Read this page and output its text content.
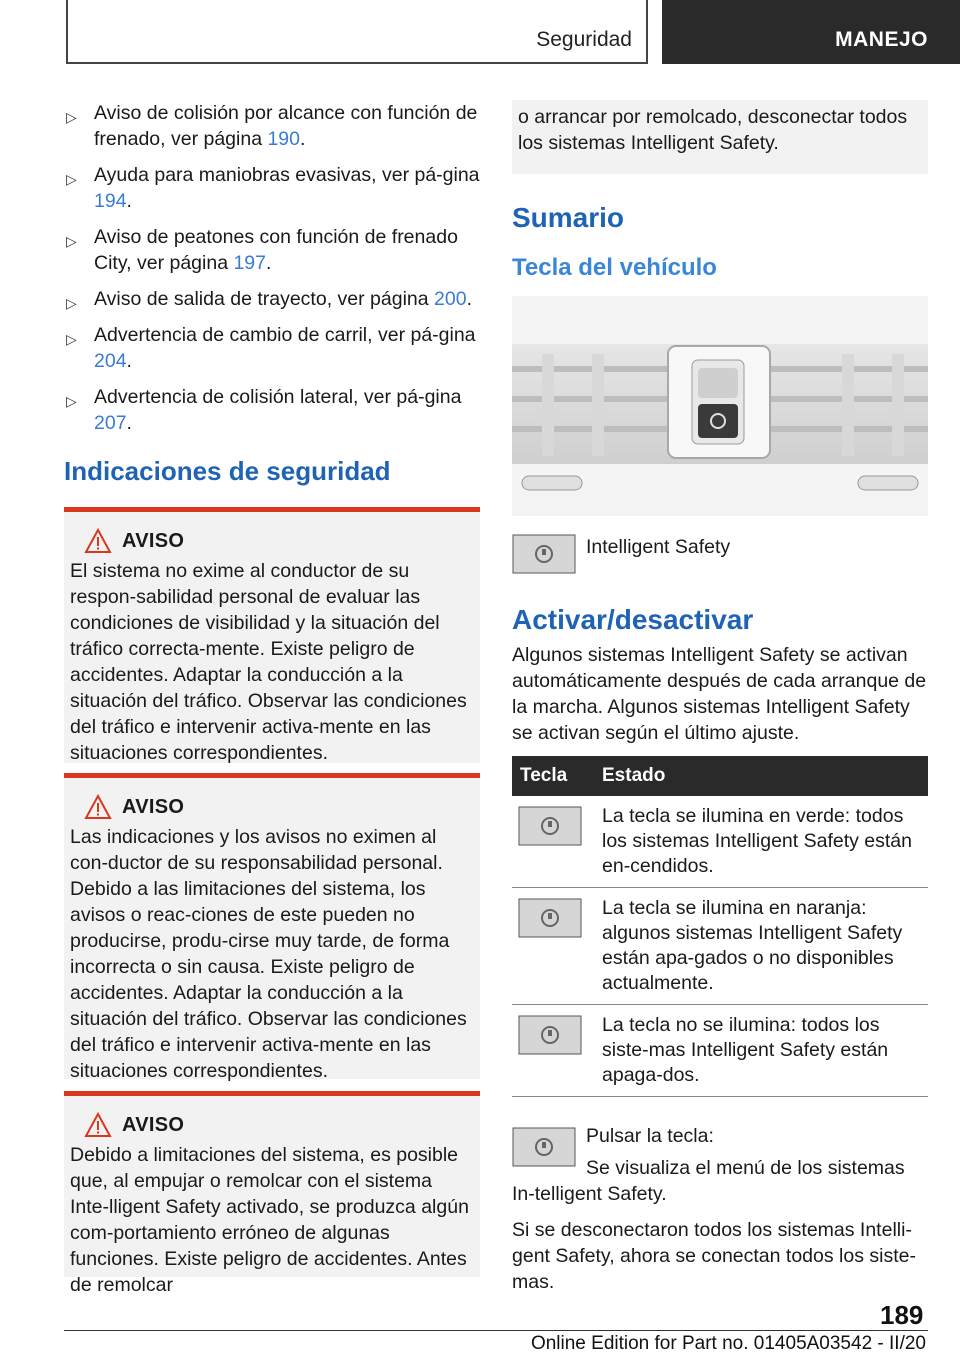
Seguridad	MANEJO
▷ Aviso de colisión por alcance con función de frenado, ver página 190.
▷ Ayuda para maniobras evasivas, ver pá-gina 194.
▷ Aviso de peatones con función de frenado City, ver página 197.
▷ Aviso de salida de trayecto, ver página 200.
▷ Advertencia de cambio de carril, ver pá-gina 204.
▷ Advertencia de colisión lateral, ver pá-gina 207.
Indicaciones de seguridad
AVISO
El sistema no exime al conductor de su respon-sabilidad personal de evaluar las condiciones de visibilidad y la situación del tráfico correcta-mente. Existe peligro de accidentes. Adaptar la conducción a la situación del tráfico. Observar las condiciones del tráfico e intervenir activa-mente en las situaciones correspondientes.
AVISO
Las indicaciones y los avisos no eximen al con-ductor de su responsabilidad personal. Debido a las limitaciones del sistema, los avisos o reac-ciones de este pueden no producirse, produ-cirse muy tarde, de forma incorrecta o sin causa. Existe peligro de accidentes. Adaptar la conducción a la situación del tráfico. Observar las condiciones del tráfico e intervenir activa-mente en las situaciones correspondientes.
AVISO
Debido a limitaciones del sistema, es posible que, al empujar o remolcar con el sistema Inte-lligent Safety activado, se produzca algún com-portamiento erróneo de algunas funciones. Existe peligro de accidentes. Antes de remolcar
o arrancar por remolcado, desconectar todos los sistemas Intelligent Safety.
Sumario
Tecla del vehículo
Intelligent Safety
Activar/desactivar
Algunos sistemas Intelligent Safety se activan automáticamente después de cada arranque de la marcha. Algunos sistemas Intelligent Safety se activan según el último ajuste.
Tecla	Estado
	La tecla se ilumina en verde: todos los sistemas Intelligent Safety están en-cendidos.
	La tecla se ilumina en naranja: algunos sistemas Intelligent Safety están apa-gados o no disponibles actualmente.
	La tecla no se ilumina: todos los siste-mas Intelligent Safety están apaga-dos.
Pulsar la tecla:
Se visualiza el menú de los sistemas In-telligent Safety.
Si se desconectaron todos los sistemas Intelli-gent Safety, ahora se conectan todos los siste-mas.
189
Online Edition for Part no. 01405A03542 - II/20
